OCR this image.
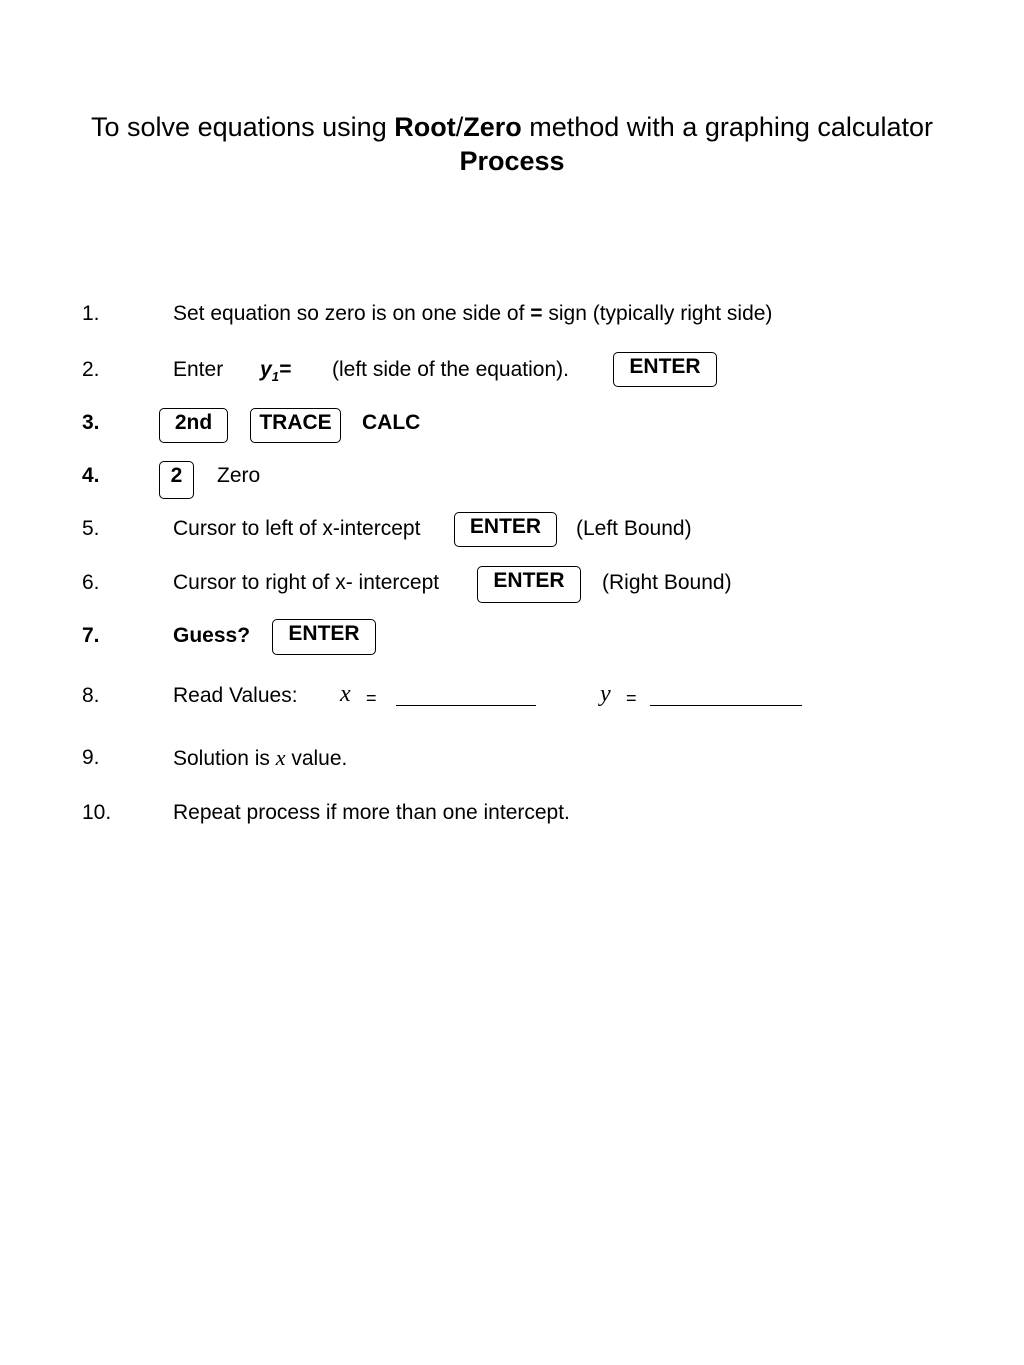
To solve equations using Root/Zero method with a graphing calculator
Process
1.	Set equation so zero is on one side of = sign (typically right side)
2.	Enter $y_1=$ (left side of the equation).	ENTER
3.	2nd	TRACE	CALC
4.	2	Zero
5.	Cursor to left of x-intercept	ENTER	(Left Bound)
6.	Cursor to right of x- intercept	ENTER	(Right Bound)
7.	Guess?	ENTER
8.	Read Values: x =	y =
9.	Solution is x value.
10.	Repeat process if more than one intercept.
